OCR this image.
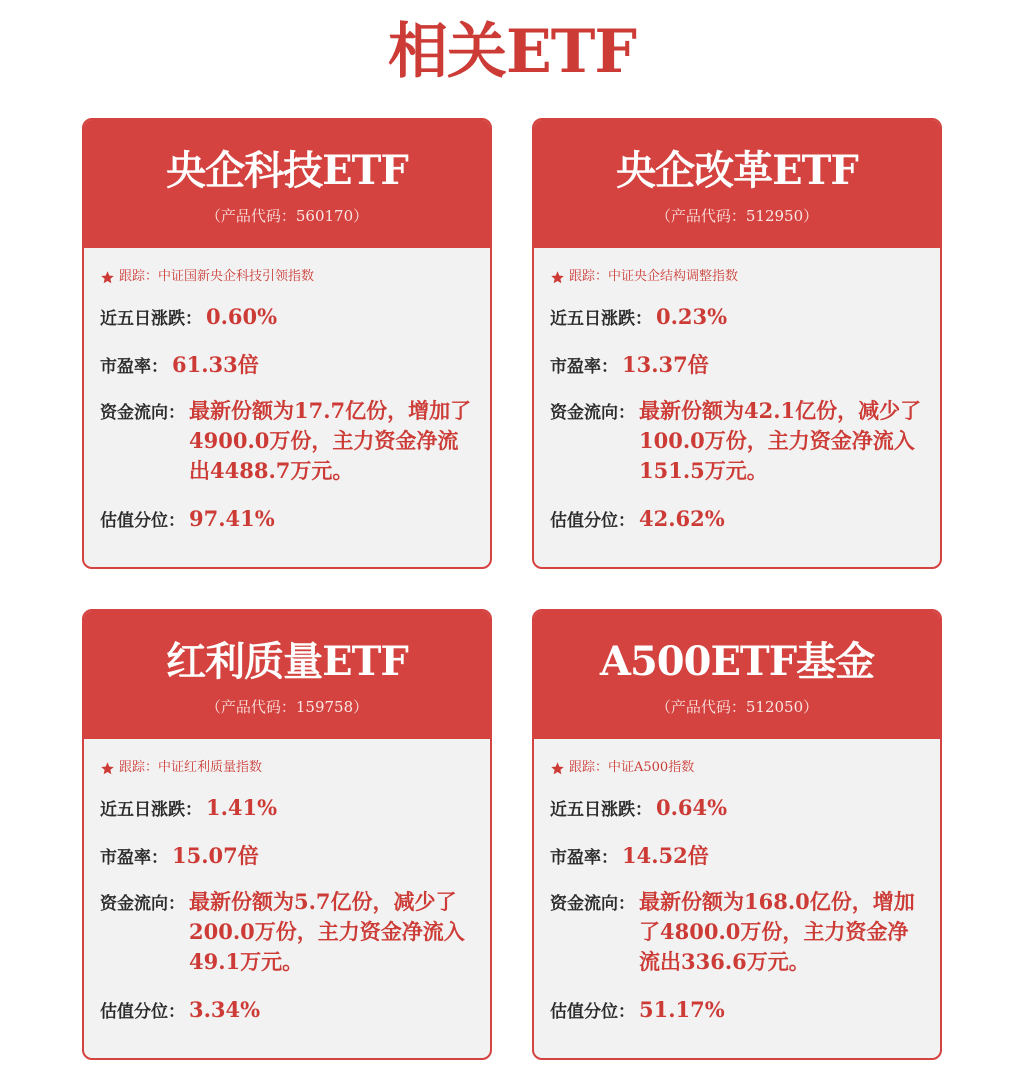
相关ETF
央企科技ETF
（产品代码：560170）
跟踪：中证国新央企科技引领指数
近五日涨跌： 0.60%
市盈率： 61.33倍
资金流向： 最新份额为17.7亿份，增加了4900.0万份，主力资金净流出4488.7万元。
估值分位： 97.41%
央企改革ETF
（产品代码：512950）
跟踪：中证央企结构调整指数
近五日涨跌： 0.23%
市盈率： 13.37倍
资金流向： 最新份额为42.1亿份，减少了100.0万份，主力资金净流入151.5万元。
估值分位： 42.62%
红利质量ETF
（产品代码：159758）
跟踪：中证红利质量指数
近五日涨跌： 1.41%
市盈率： 15.07倍
资金流向： 最新份额为5.7亿份，减少了200.0万份，主力资金净流入49.1万元。
估值分位： 3.34%
A500ETF基金
（产品代码：512050）
跟踪：中证A500指数
近五日涨跌： 0.64%
市盈率： 14.52倍
资金流向： 最新份额为168.0亿份，增加了4800.0万份，主力资金净流出336.6万元。
估值分位： 51.17%
